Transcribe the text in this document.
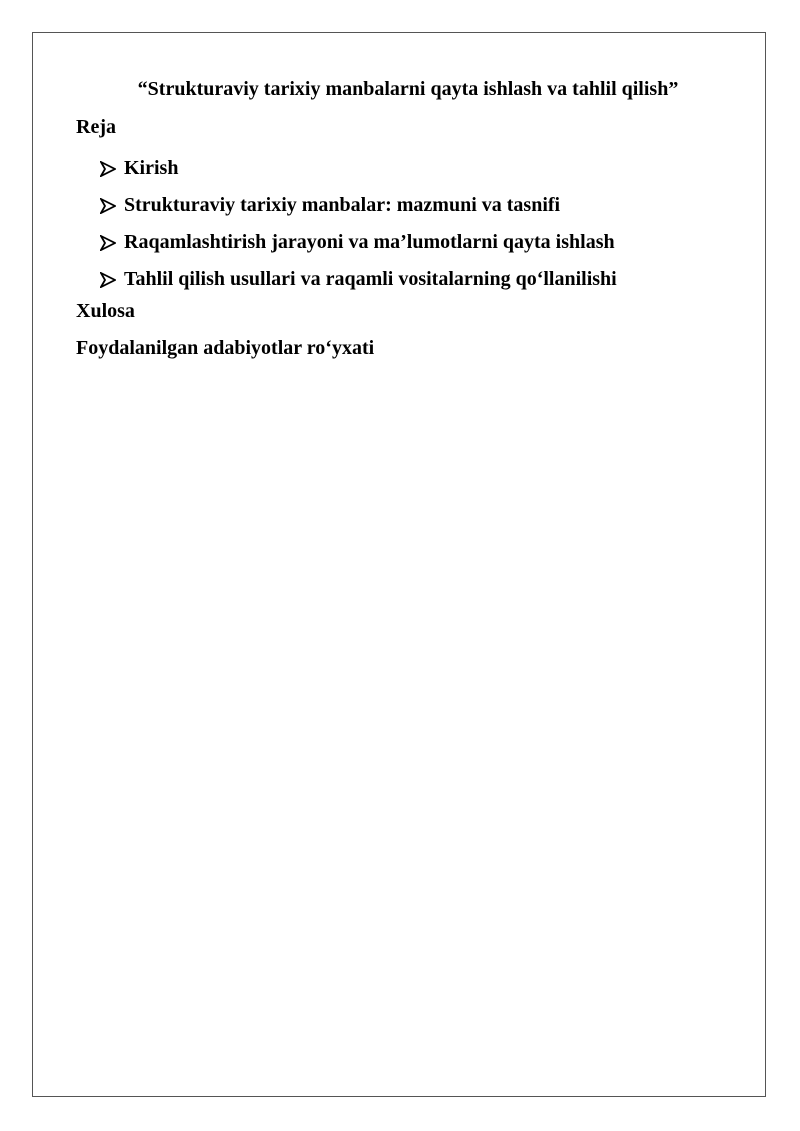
“Strukturaviy tarixiy manbalarni qayta ishlash va tahlil qilish”

Reja

Kirish
Strukturaviy tarixiy manbalar: mazmuni va tasnifi
Raqamlashtirish jarayoni va ma’lumotlarni qayta ishlash
Tahlil qilish usullari va raqamli vositalarning qo‘llanilishi

Xulosa

Foydalanilgan adabiyotlar ro‘yxati
